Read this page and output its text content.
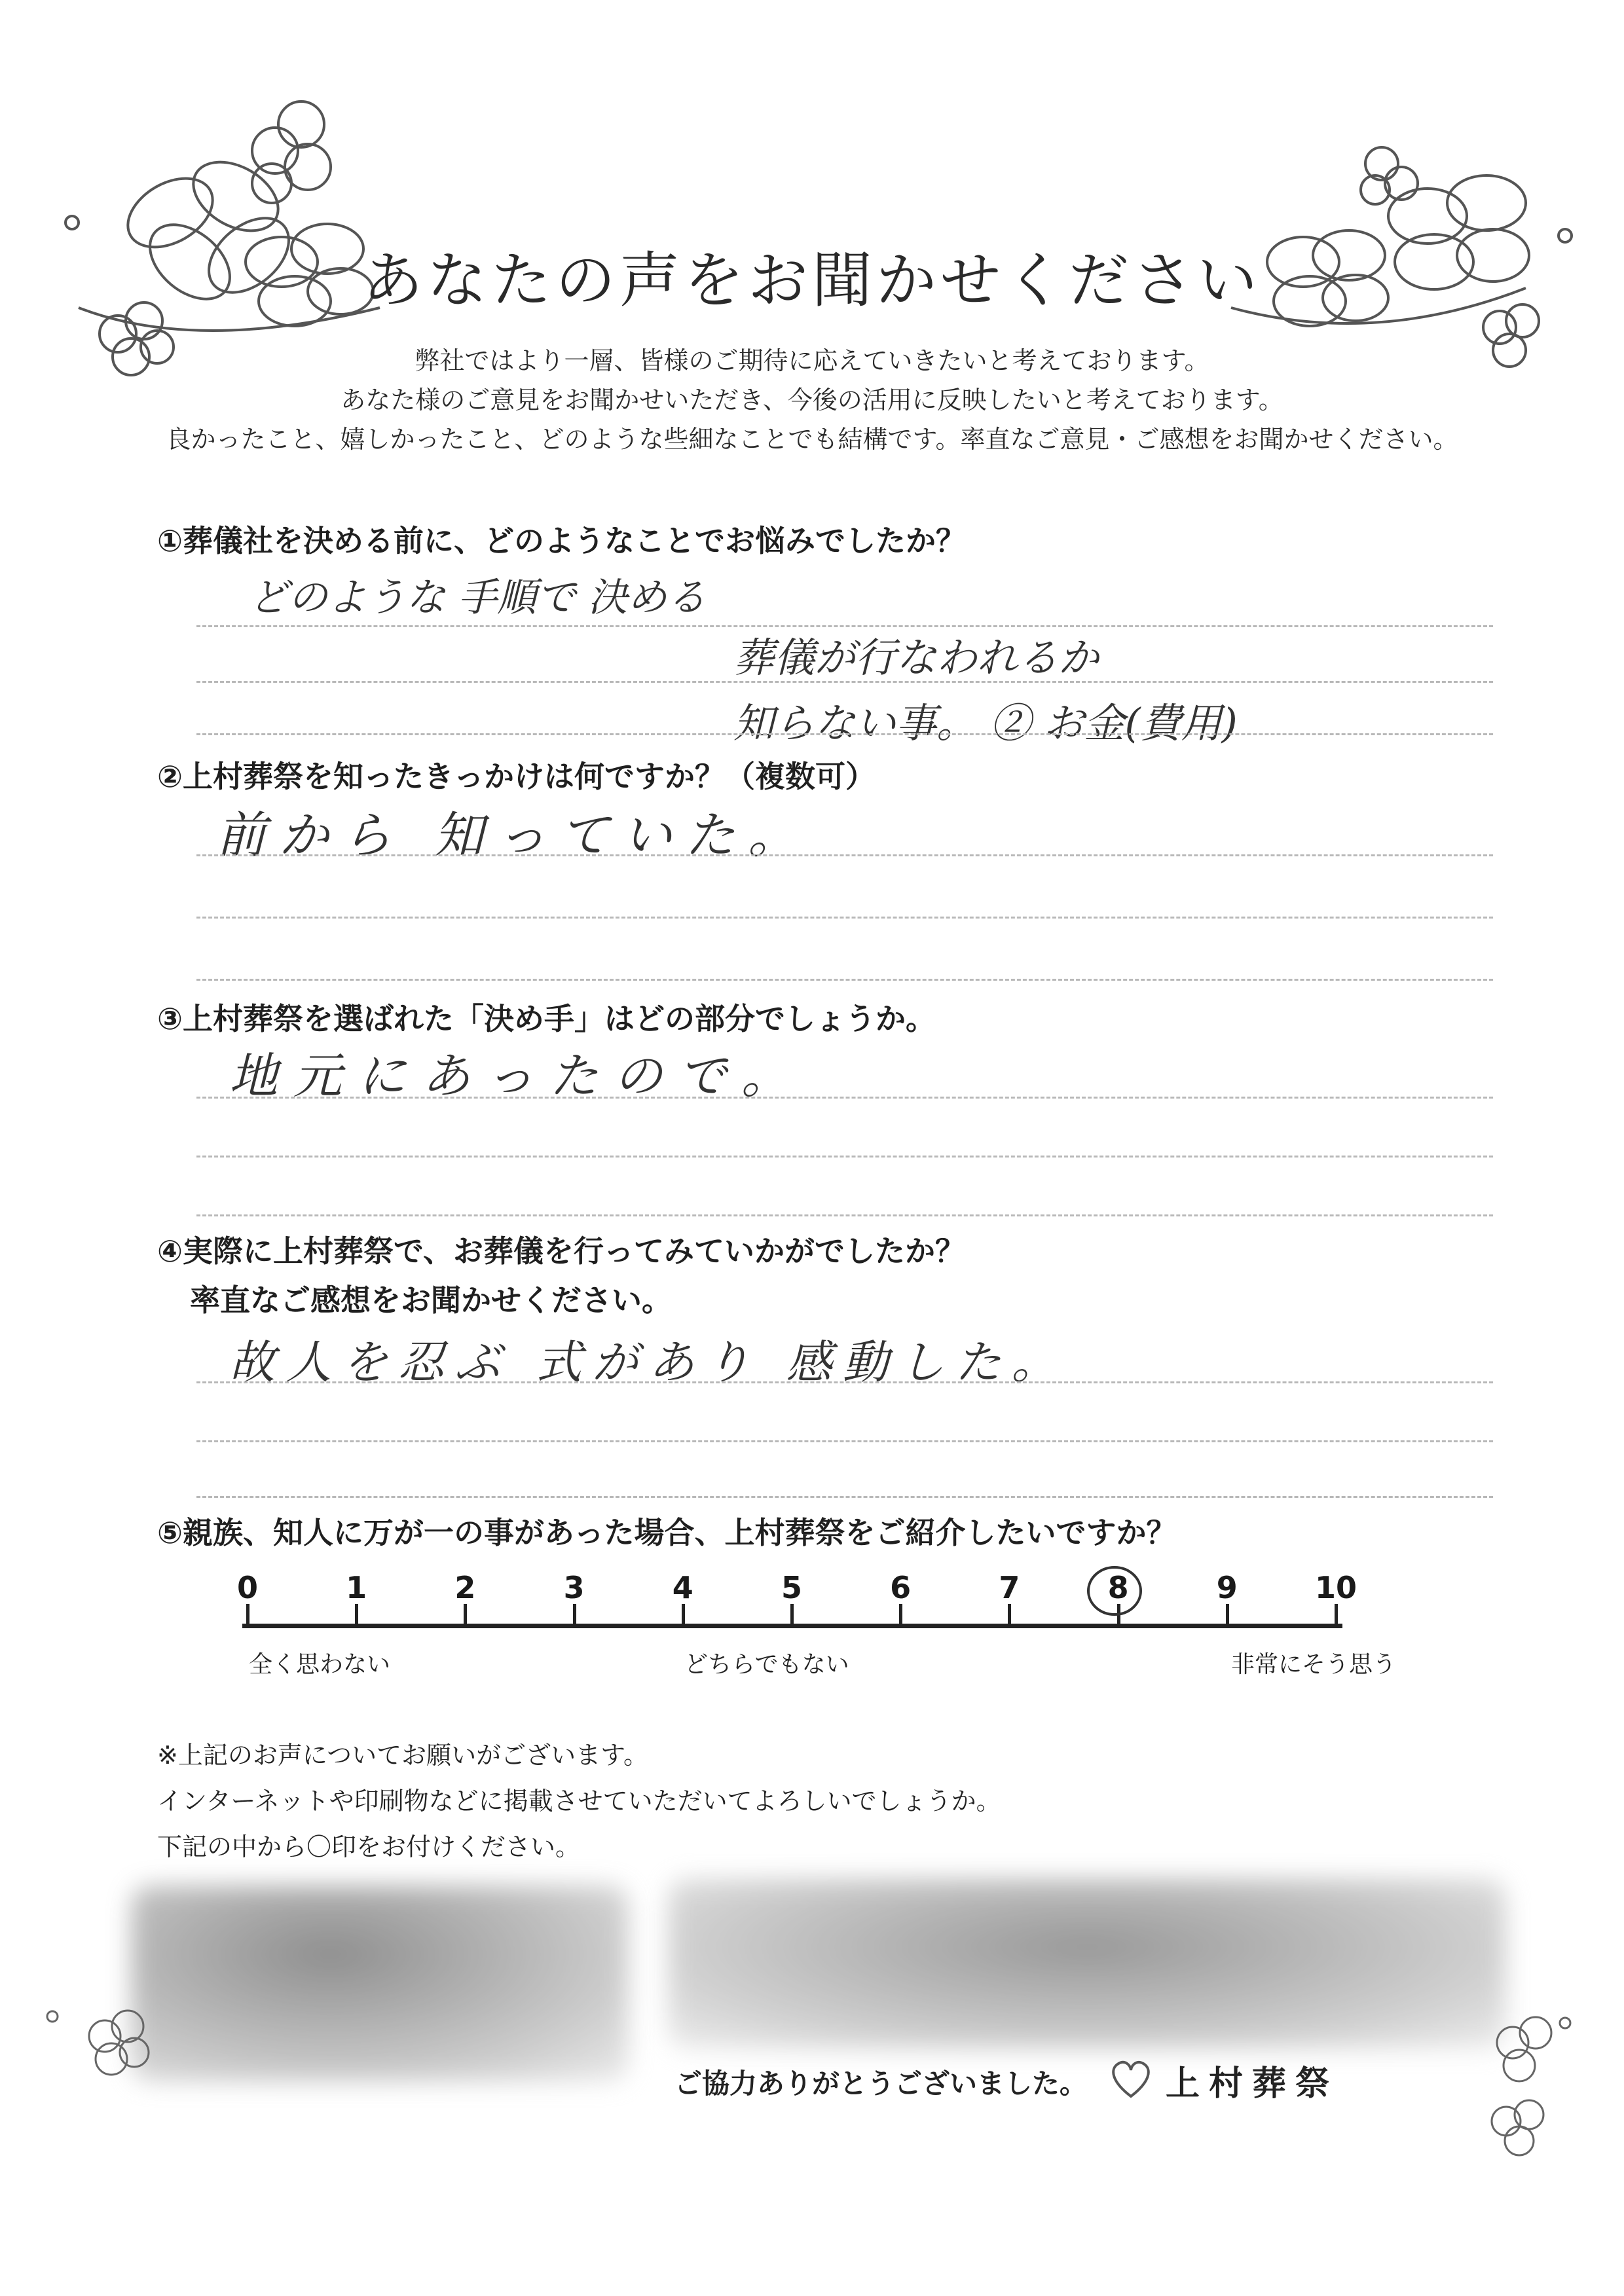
あなたの声をお聞かせください
弊社ではより一層、皆様のご期待に応えていきたいと考えております。
あなた様のご意見をお聞かせいただき、今後の活用に反映したいと考えております。
良かったこと、嬉しかったこと、どのような些細なことでも結構です。率直なご意見・ご感想をお聞かせください。
①葬儀社を決める前に、どのようなことでお悩みでしたか？
どのような 手順で 決める
葬儀が行なわれるか
知らない事。 ② お金(費用)
②上村葬祭を知ったきっかけは何ですか？（複数可）
前から 知っていた。
③上村葬祭を選ばれた「決め手」はどの部分でしょうか。
地元にあったので。
④実際に上村葬祭で、お葬儀を行ってみていかがでしたか？
率直なご感想をお聞かせください。
故人を忍ぶ 式があり 感動した。
⑤親族、知人に万が一の事があった場合、上村葬祭をご紹介したいですか？
0	1	2	3	4	5	6	7	8	9	10
全く思わない	どちらでもない	非常にそう思う
※上記のお声についてお願いがございます。
インターネットや印刷物などに掲載させていただいてよろしいでしょうか。
下記の中から〇印をお付けください。
ご協力ありがとうございました。 上村葬祭
